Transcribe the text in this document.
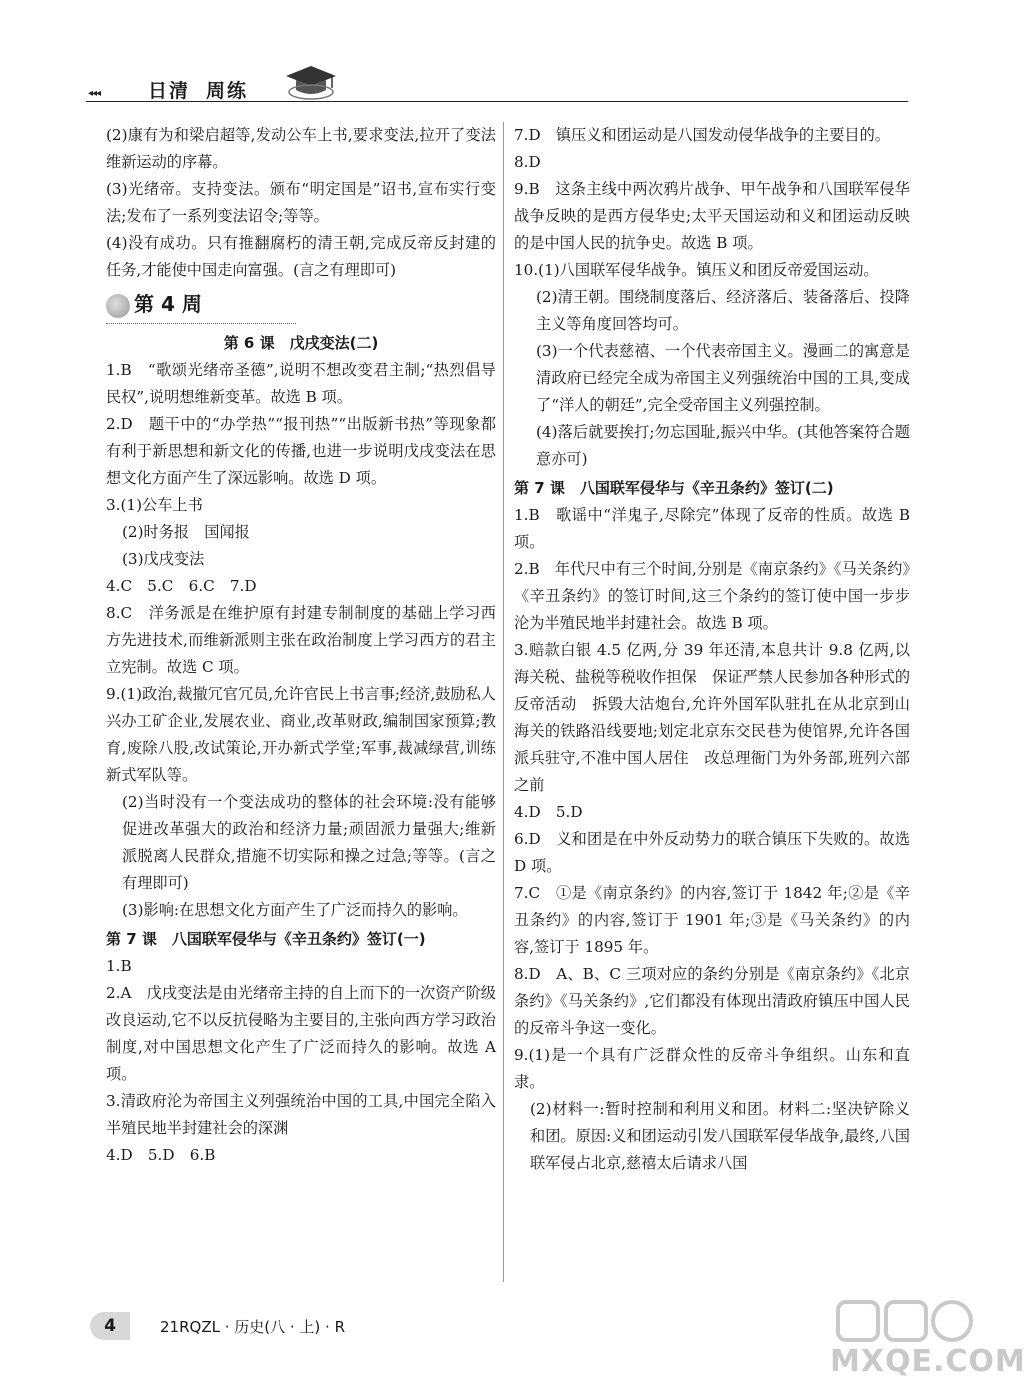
◂◂◂	日清 周练

(2)康有为和梁启超等,发动公车上书,要求变法,拉开了变法维新运动的序幕。

(3)光绪帝。支持变法。颁布“明定国是”诏书,宣布实行变法;发布了一系列变法诏令;等等。

(4)没有成功。只有推翻腐朽的清王朝,完成反帝反封建的任务,才能使中国走向富强。(言之有理即可)

第 4 周

第 6 课　戊戌变法(二)

1.B　“歌颂光绪帝圣德”,说明不想改变君主制;“热烈倡导民权”,说明想维新变革。故选 B 项。

2.D　题干中的“办学热”“报刊热”“出版新书热”等现象都有利于新思想和新文化的传播,也进一步说明戊戌变法在思想文化方面产生了深远影响。故选 D 项。

3.(1)公车上书

(2)时务报　国闻报

(3)戊戌变法

4.C　5.C　6.C　7.D

8.C　洋务派是在维护原有封建专制制度的基础上学习西方先进技术,而维新派则主张在政治制度上学习西方的君主立宪制。故选 C 项。

9.(1)政治,裁撤冗官冗员,允许官民上书言事;经济,鼓励私人兴办工矿企业,发展农业、商业,改革财政,编制国家预算;教育,废除八股,改试策论,开办新式学堂;军事,裁减绿营,训练新式军队等。

(2)当时没有一个变法成功的整体的社会环境:没有能够促进改革强大的政治和经济力量;顽固派力量强大;维新派脱离人民群众,措施不切实际和操之过急;等等。(言之有理即可)

(3)影响:在思想文化方面产生了广泛而持久的影响。

第 7 课　八国联军侵华与《辛丑条约》签订(一)

1.B

2.A　戊戌变法是由光绪帝主持的自上而下的一次资产阶级改良运动,它不以反抗侵略为主要目的,主张向西方学习政治制度,对中国思想文化产生了广泛而持久的影响。故选 A 项。

3.清政府沦为帝国主义列强统治中国的工具,中国完全陷入半殖民地半封建社会的深渊

4.D　5.D　6.B

7.D　镇压义和团运动是八国发动侵华战争的主要目的。

8.D

9.B　这条主线中两次鸦片战争、甲午战争和八国联军侵华战争反映的是西方侵华史;太平天国运动和义和团运动反映的是中国人民的抗争史。故选 B 项。

10.(1)八国联军侵华战争。镇压义和团反帝爱国运动。

(2)清王朝。围绕制度落后、经济落后、装备落后、投降主义等角度回答均可。

(3)一个代表慈禧、一个代表帝国主义。漫画二的寓意是清政府已经完全成为帝国主义列强统治中国的工具,变成了“洋人的朝廷”,完全受帝国主义列强控制。

(4)落后就要挨打;勿忘国耻,振兴中华。(其他答案符合题意亦可)

第 7 课　八国联军侵华与《辛丑条约》签订(二)

1.B　歌谣中“洋鬼子,尽除完”体现了反帝的性质。故选 B 项。

2.B　年代尺中有三个时间,分别是《南京条约》《马关条约》《辛丑条约》的签订时间,这三个条约的签订使中国一步步沦为半殖民地半封建社会。故选 B 项。

3.赔款白银 4.5 亿两,分 39 年还清,本息共计 9.8 亿两,以海关税、盐税等税收作担保　保证严禁人民参加各种形式的反帝活动　拆毁大沽炮台,允许外国军队驻扎在从北京到山海关的铁路沿线要地;划定北京东交民巷为使馆界,允许各国派兵驻守,不准中国人居住　改总理衙门为外务部,班列六部之前

4.D　5.D

6.D　义和团是在中外反动势力的联合镇压下失败的。故选 D 项。

7.C　①是《南京条约》的内容,签订于 1842 年;②是《辛丑条约》的内容,签订于 1901 年;③是《马关条约》的内容,签订于 1895 年。

8.D　A、B、C 三项对应的条约分别是《南京条约》《北京条约》《马关条约》,它们都没有体现出清政府镇压中国人民的反帝斗争这一变化。

9.(1)是一个具有广泛群众性的反帝斗争组织。山东和直隶。

(2)材料一:暂时控制和利用义和团。材料二:坚决铲除义和团。原因:义和团运动引发八国联军侵华战争,最终,八国联军侵占北京,慈禧太后请求八国

4	21RQZL · 历史(八 · 上) · R
MXQE.COM
